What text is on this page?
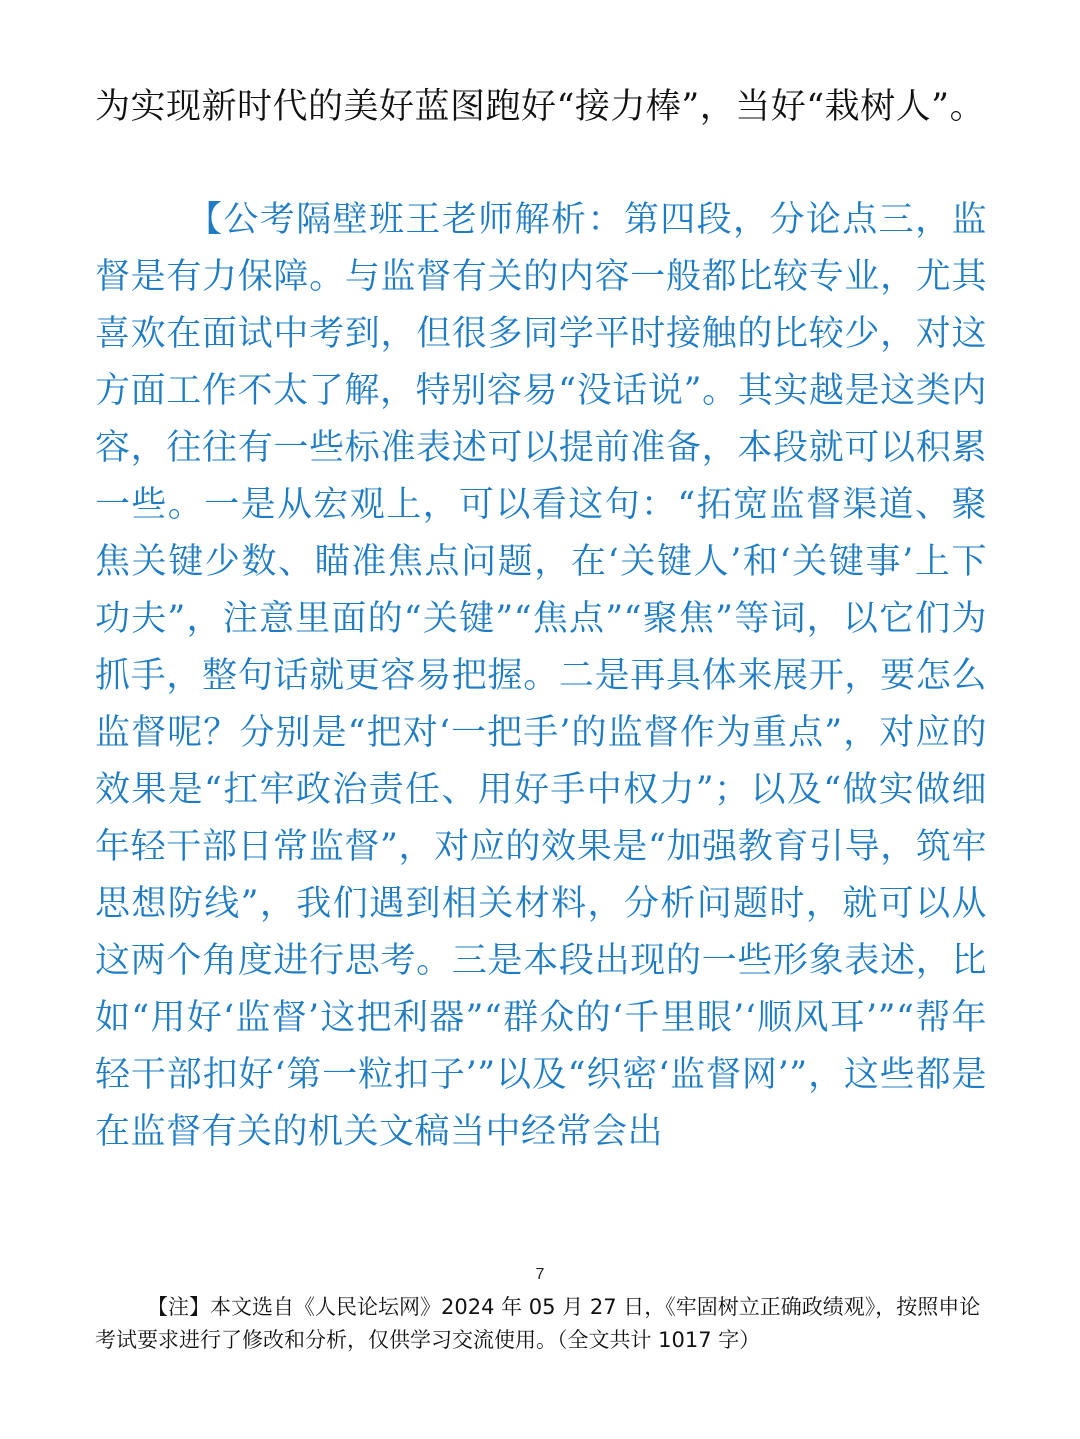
为实现新时代的美好蓝图跑好“接力棒”，当好“栽树人”。

【公考隔壁班王老师解析：第四段，分论点三，监督是有力保障。与监督有关的内容一般都比较专业，尤其喜欢在面试中考到，但很多同学平时接触的比较少，对这方面工作不太了解，特别容易“没话说”。其实越是这类内容，往往有一些标准表述可以提前准备，本段就可以积累一些。一是从宏观上，可以看这句：“拓宽监督渠道、聚焦关键少数、瞄准焦点问题，在‘关键人’和‘关键事’上下功夫”，注意里面的“关键”“焦点”“聚焦”等词，以它们为抓手，整句话就更容易把握。二是再具体来展开，要怎么监督呢？分别是“把对‘一把手’的监督作为重点”，对应的效果是“扛牢政治责任、用好手中权力”；以及“做实做细年轻干部日常监督”，对应的效果是“加强教育引导，筑牢思想防线”，我们遇到相关材料，分析问题时，就可以从这两个角度进行思考。三是本段出现的一些形象表述，比如“用好‘监督’这把利器”“群众的‘千里眼’‘顺风耳’”“帮年轻干部扣好‘第一粒扣子’”以及“织密‘监督网’”，这些都是在监督有关的机关文稿当中经常会出

7

【注】本文选自《人民论坛网》2024 年 05 月 27 日，《牢固树立正确政绩观》，按照申论考试要求进行了修改和分析，仅供学习交流使用。（全文共计 1017 字）
